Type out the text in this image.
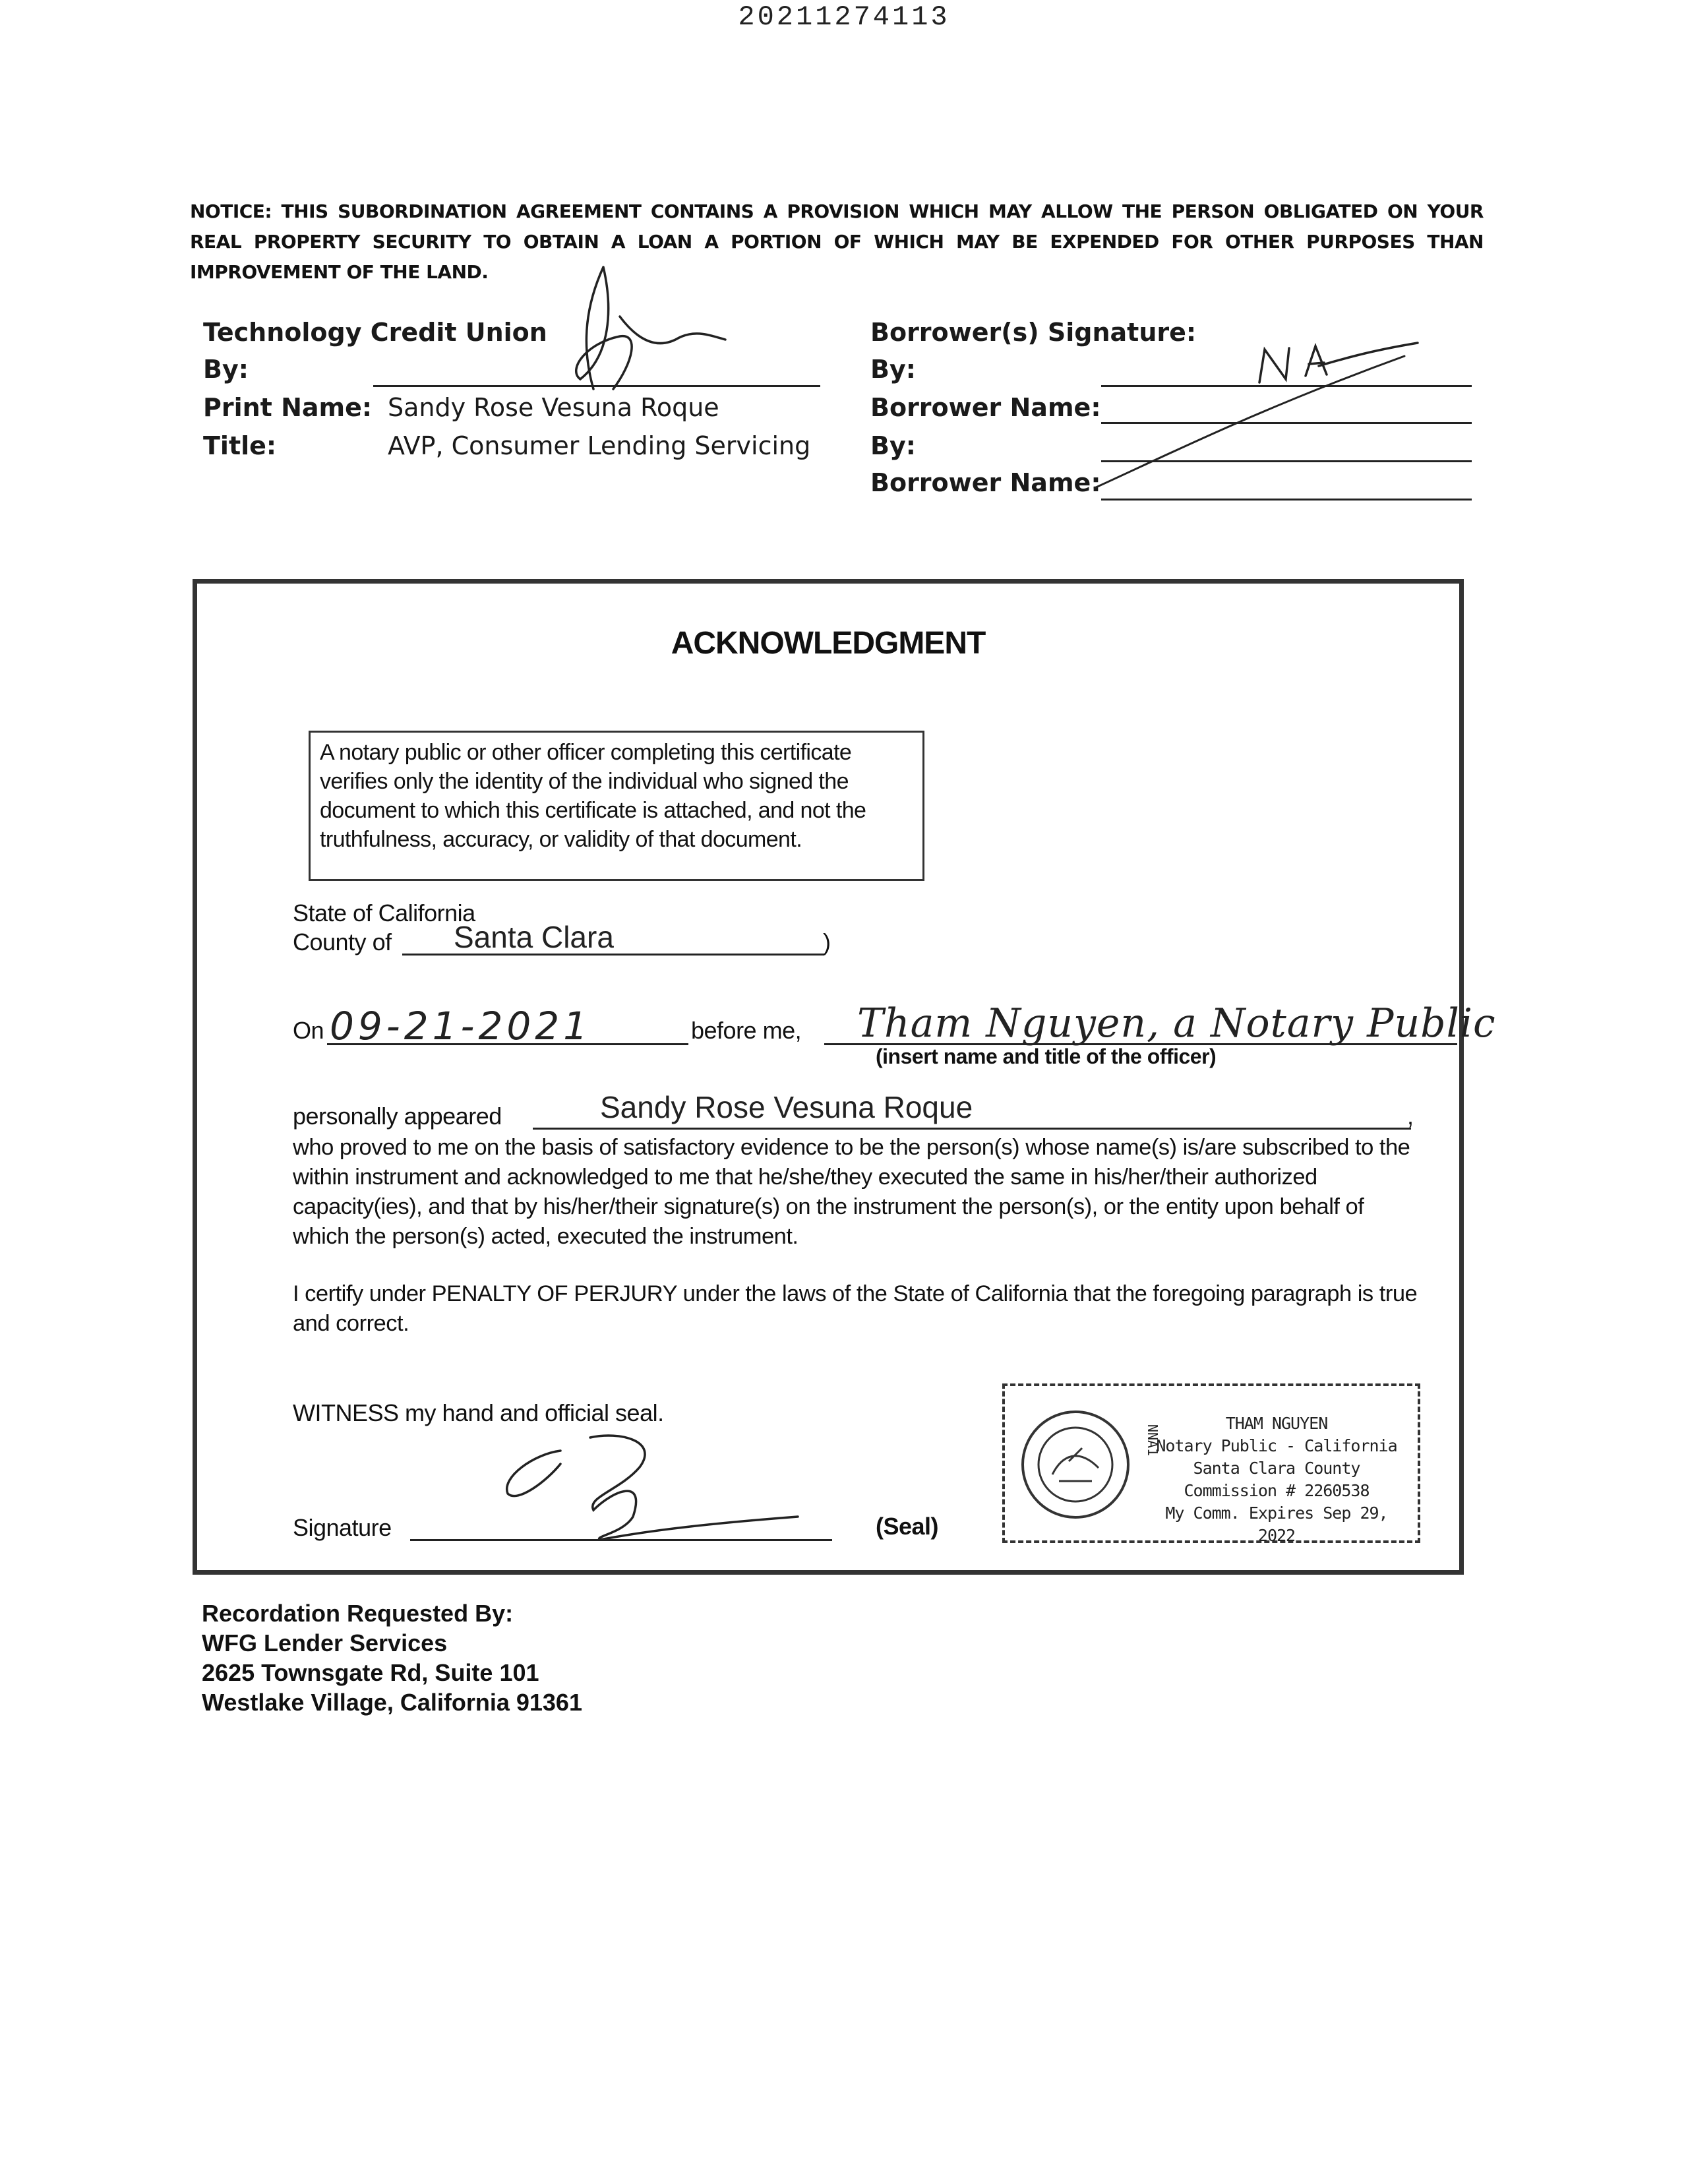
20211274113
NOTICE: THIS SUBORDINATION AGREEMENT CONTAINS A PROVISION WHICH MAY ALLOW THE PERSON OBLIGATED ON YOUR REAL PROPERTY SECURITY TO OBTAIN A LOAN A PORTION OF WHICH MAY BE EXPENDED FOR OTHER PURPOSES THAN IMPROVEMENT OF THE LAND.
Technology Credit Union
By:
Print Name: Sandy Rose Vesuna Roque
Title:	AVP, Consumer Lending Servicing
Borrower(s) Signature:
By:
Borrower Name:
By:
Borrower Name:
ACKNOWLEDGMENT
A notary public or other officer completing this certificate verifies only the identity of the individual who signed the document to which this certificate is attached, and not the truthfulness, accuracy, or validity of that document.
State of California
County of Santa Clara	)
On 09-21-2021	before me, Tham Nguyen, a Notary Public
(insert name and title of the officer)
personally appeared	Sandy Rose Vesuna Roque	,
who proved to me on the basis of satisfactory evidence to be the person(s) whose name(s) is/are subscribed to the within instrument and acknowledged to me that he/she/they executed the same in his/her/their authorized capacity(ies), and that by his/her/their signature(s) on the instrument the person(s), or the entity upon behalf of which the person(s) acted, executed the instrument.
I certify under PENALTY OF PERJURY under the laws of the State of California that the foregoing paragraph is true and correct.
WITNESS my hand and official seal.
Signature	(Seal)
NNA1
THAM NGUYEN
Notary Public - California
Santa Clara County
Commission # 2260538
My Comm. Expires Sep 29, 2022
Recordation Requested By:
WFG Lender Services
2625 Townsgate Rd, Suite 101
Westlake Village, California 91361
